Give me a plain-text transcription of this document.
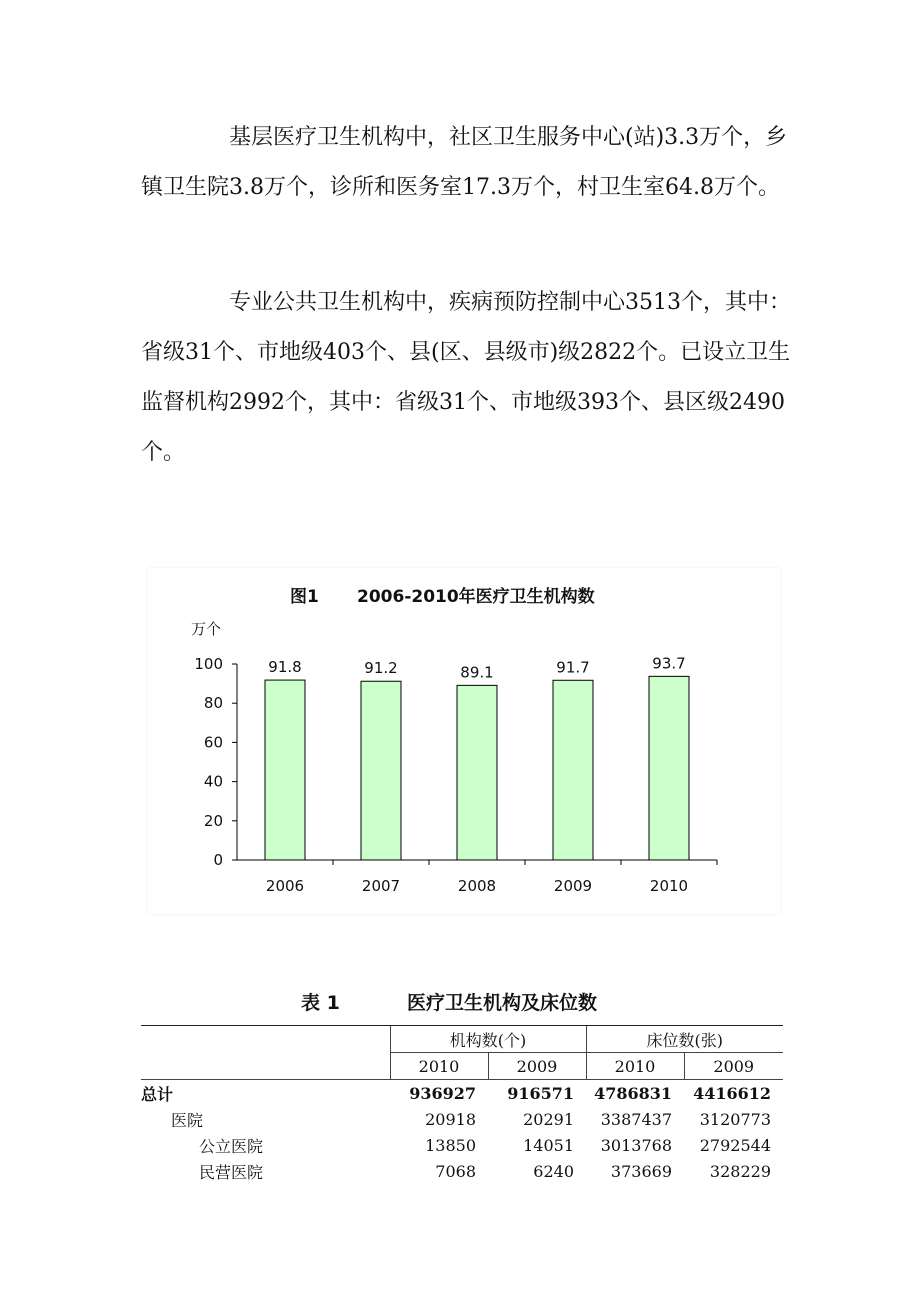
基层医疗卫生机构中，社区卫生服务中心(站)3.3万个，乡镇卫生院3.8万个，诊所和医务室17.3万个，村卫生室64.8万个。

专业公共卫生机构中，疾病预防控制中心3513个，其中：省级31个、市地级403个、县(区、县级市)级2822个。已设立卫生监督机构2992个，其中：省级31个、市地级393个、县区级2490个。

图1 2006-2010年医疗卫生机构数
万个
0
20
40
60
80
100	91.8
2006
91.2
2007
89.1
2008
91.7
2009
93.7
2010
表 1	医疗卫生机构及床位数
	机构数(个)		床位数(张)	
	2010	2009	2010	2009
总计	936927	916571	4786831	4416612
医院	20918	20291	3387437	3120773
公立医院	13850	14051	3013768	2792544
民营医院	7068	6240	373669	328229
